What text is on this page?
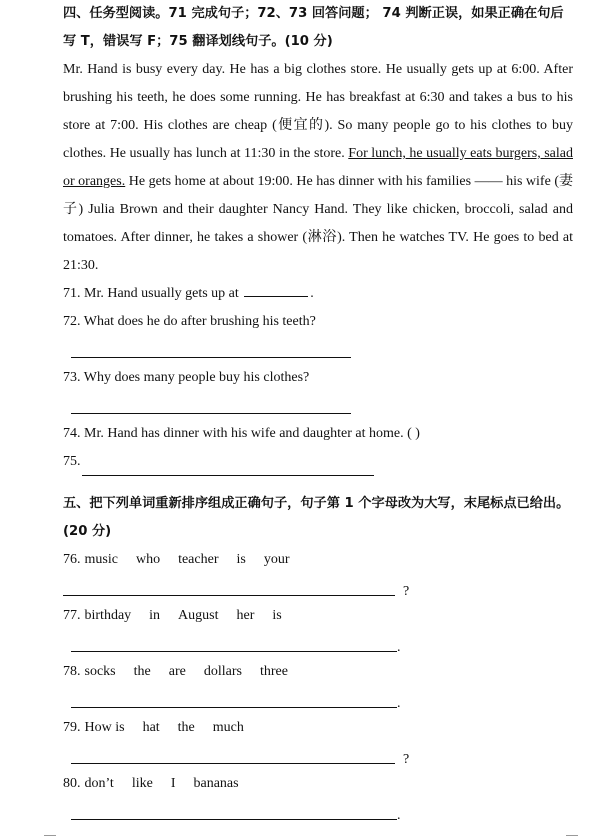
四、任务型阅读。71 完成句子；72、73 回答问题； 74 判断正误，如果正确在句后写 T，错误写 F；75 翻译划线句子。(10 分)

Mr. Hand is busy every day. He has a big clothes store. He usually gets up at 6:00. After brushing his teeth, he does some running. He has breakfast at 6:30 and takes a bus to his store at 7:00. His clothes are cheap (便宜的). So many people go to his clothes to buy clothes. He usually has lunch at 11:30 in the store. For lunch, he usually eats burgers, salad or oranges. He gets home at about 19:00. He has dinner with his families —— his wife (妻子) Julia Brown and their daughter Nancy Hand. They like chicken, broccoli, salad and tomatoes. After dinner, he takes a shower (淋浴). Then he watches TV. He goes to bed at 21:30.

71. Mr. Hand usually gets up at	.

72. What does he do after brushing his teeth?

73. Why does many people buy his clothes?

74. Mr. Hand has dinner with his wife and daughter at home. ( )

75.

五、把下列单词重新排序组成正确句子，句子第 1 个字母改为大写，末尾标点已给出。(20 分)

76. music who teacher is your

?

77. birthday in August her is

.

78. socks the are dollars three

.

79. How is hat the much

?

80. don’t like I bananas

.
